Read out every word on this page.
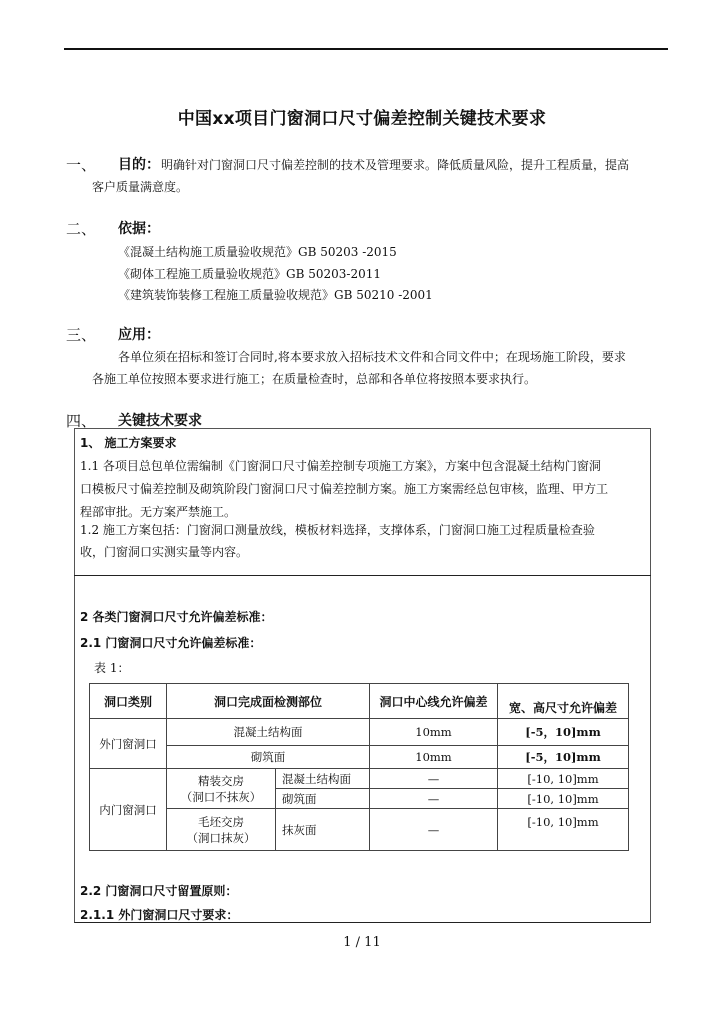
中国xx项目门窗洞口尺寸偏差控制关键技术要求
一、 目的： 明确针对门窗洞口尺寸偏差控制的技术及管理要求。降低质量风险，提升工程质量，提高
客户质量满意度。
二、 依据：
《混凝土结构施工质量验收规范》GB 50203 -2015
《砌体工程施工质量验收规范》GB 50203-2011
《建筑装饰装修工程施工质量验收规范》GB 50210 -2001
三、 应用：
各单位须在招标和签订合同时,将本要求放入招标技术文件和合同文件中；在现场施工阶段，要求
各施工单位按照本要求进行施工；在质量检查时，总部和各单位将按照本要求执行。
四、 关键技术要求
1、 施工方案要求
1.1 各项目总包单位需编制《门窗洞口尺寸偏差控制专项施工方案》，方案中包含混凝土结构门窗洞
口模板尺寸偏差控制及砌筑阶段门窗洞口尺寸偏差控制方案。施工方案需经总包审核，监理、甲方工
程部审批。无方案严禁施工。
1.2 施工方案包括：门窗洞口测量放线，模板材料选择，支撑体系，门窗洞口施工过程质量检查验
收，门窗洞口实测实量等内容。
2 各类门窗洞口尺寸允许偏差标准：
2.1 门窗洞口尺寸允许偏差标准：
表 1：
洞口类别	洞口完成面检测部位		洞口中心线允许偏差	宽、高尺寸允许偏差
外门窗洞口	混凝土结构面		10mm	[-5，10]mm
	砌筑面		10mm	[-5，10]mm
内门窗洞口	精装交房
（洞口不抹灰）	混凝土结构面	—	[-10, 10]mm
		砌筑面	—	[-10, 10]mm

	毛坯交房
（洞口抹灰）	抹灰面	—	[-10, 10]mm
2.2 门窗洞口尺寸留置原则：
2.1.1 外门窗洞口尺寸要求：
1 / 11
